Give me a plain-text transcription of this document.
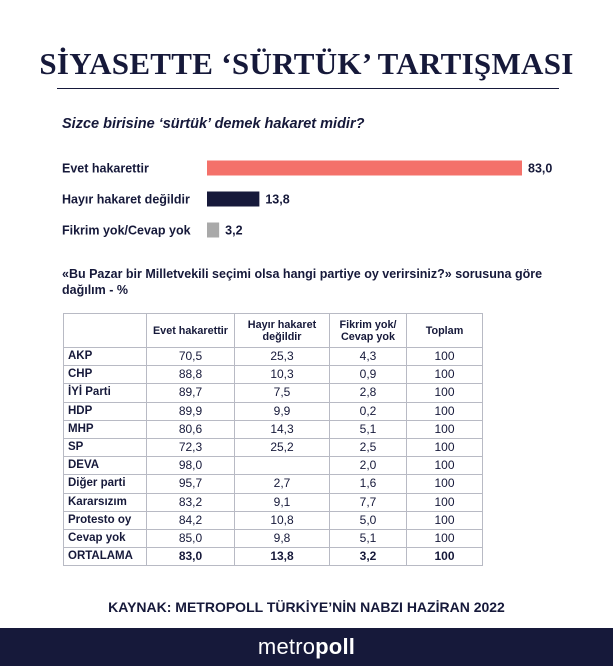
SİYASETTE ‘SÜRTÜK’ TARTIŞMASI
Sizce birisine ‘sürtük’ demek hakaret midir?
Evet hakarettir	83,0
Hayır hakaret değildir	13,8
Fikrim yok/Cevap yok	3,2
«Bu Pazar bir Milletvekili seçimi olsa hangi partiye oy verirsiniz?» sorusuna göre dağılım - %
	Evet hakarettir	Hayır hakaret değildir	Fikrim yok/ Cevap yok	Toplam
AKP	70,5	25,3	4,3	100
CHP	88,8	10,3	0,9	100
İYİ Parti	89,7	7,5	2,8	100
HDP	89,9	9,9	0,2	100
MHP	80,6	14,3	5,1	100
SP	72,3	25,2	2,5	100
DEVA	98,0		2,0	100
Diğer parti	95,7	2,7	1,6	100
Kararsızım	83,2	9,1	7,7	100
Protesto oy	84,2	10,8	5,0	100
Cevap yok	85,0	9,8	5,1	100
ORTALAMA	83,0	13,8	3,2	100
KAYNAK: METROPOLL TÜRKİYE’NİN NABZI HAZİRAN 2022
metropoll
